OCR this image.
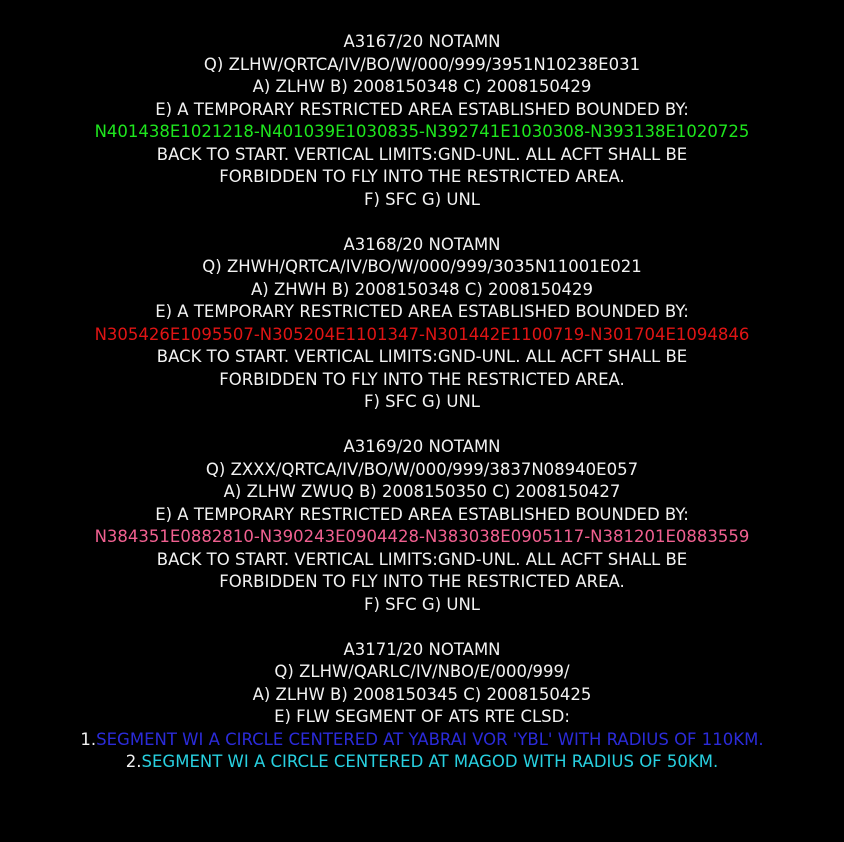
A3167/20 NOTAMN
Q) ZLHW/QRTCA/IV/BO/W/000/999/3951N10238E031
A) ZLHW B) 2008150348 C) 2008150429
E) A TEMPORARY RESTRICTED AREA ESTABLISHED BOUNDED BY:
N401438E1021218-N401039E1030835-N392741E1030308-N393138E1020725
BACK TO START. VERTICAL LIMITS:GND-UNL. ALL ACFT SHALL BE
FORBIDDEN TO FLY INTO THE RESTRICTED AREA.
F) SFC G) UNL
A3168/20 NOTAMN
Q) ZHWH/QRTCA/IV/BO/W/000/999/3035N11001E021
A) ZHWH B) 2008150348 C) 2008150429
E) A TEMPORARY RESTRICTED AREA ESTABLISHED BOUNDED BY:
N305426E1095507-N305204E1101347-N301442E1100719-N301704E1094846
BACK TO START. VERTICAL LIMITS:GND-UNL. ALL ACFT SHALL BE
FORBIDDEN TO FLY INTO THE RESTRICTED AREA.
F) SFC G) UNL
A3169/20 NOTAMN
Q) ZXXX/QRTCA/IV/BO/W/000/999/3837N08940E057
A) ZLHW ZWUQ B) 2008150350 C) 2008150427
E) A TEMPORARY RESTRICTED AREA ESTABLISHED BOUNDED BY:
N384351E0882810-N390243E0904428-N383038E0905117-N381201E0883559
BACK TO START. VERTICAL LIMITS:GND-UNL. ALL ACFT SHALL BE
FORBIDDEN TO FLY INTO THE RESTRICTED AREA.
F) SFC G) UNL
A3171/20 NOTAMN
Q) ZLHW/QARLC/IV/NBO/E/000/999/
A) ZLHW B) 2008150345 C) 2008150425
E) FLW SEGMENT OF ATS RTE CLSD:
1.SEGMENT WI A CIRCLE CENTERED AT YABRAI VOR 'YBL' WITH RADIUS OF 110KM.
2.SEGMENT WI A CIRCLE CENTERED AT MAGOD WITH RADIUS OF 50KM.
